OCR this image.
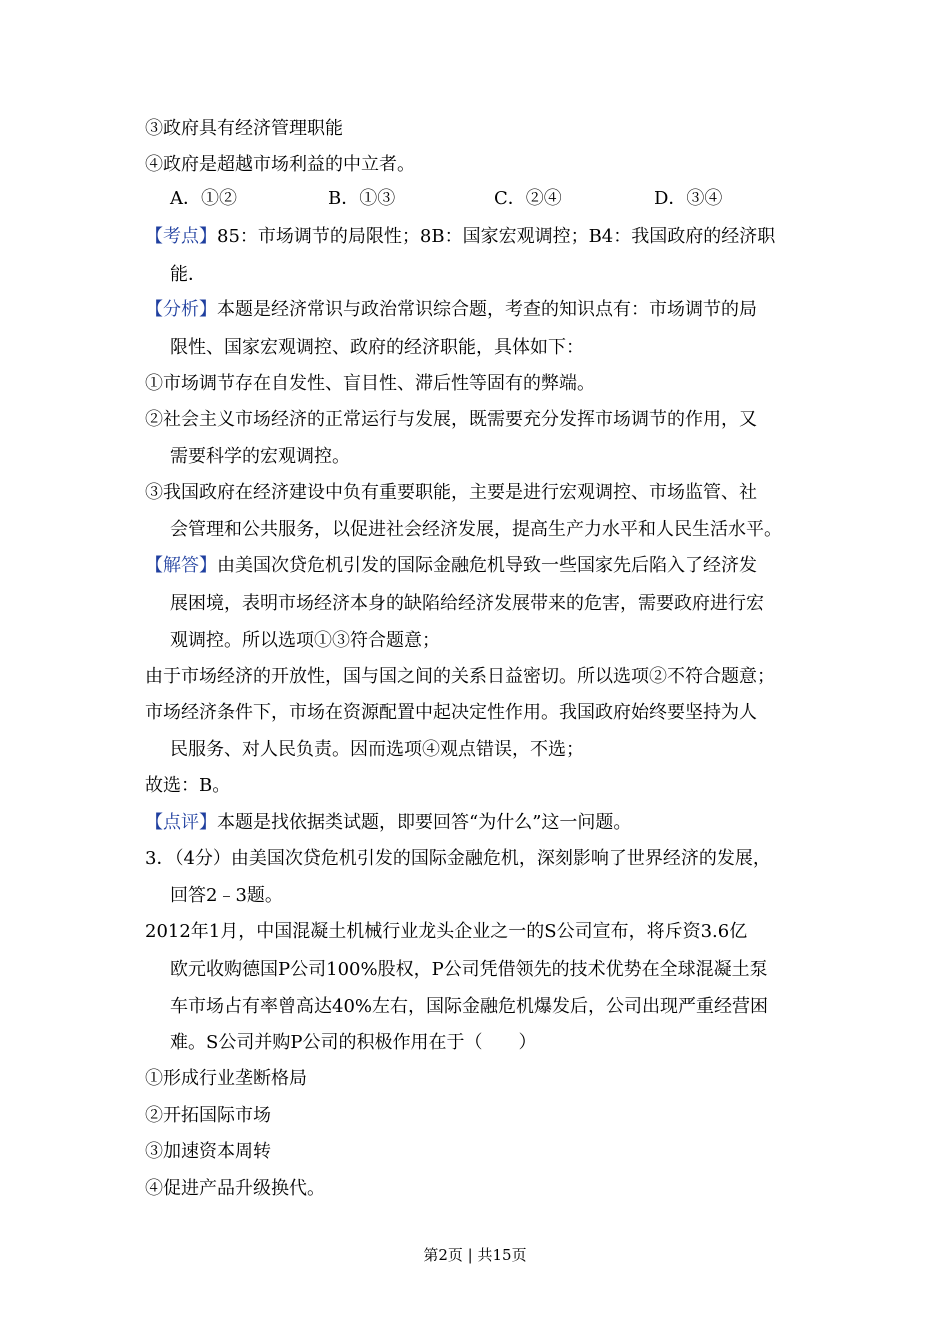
③政府具有经济管理职能
④政府是超越市场利益的中立者。
A．①②	B．①③	C．②④	D．③④
【考点】85：市场调节的局限性；8B：国家宏观调控；B4：我国政府的经济职
能．
【分析】本题是经济常识与政治常识综合题，考查的知识点有：市场调节的局
限性、国家宏观调控、政府的经济职能，具体如下：
①市场调节存在自发性、盲目性、滞后性等固有的弊端。
②社会主义市场经济的正常运行与发展，既需要充分发挥市场调节的作用，又
需要科学的宏观调控。
③我国政府在经济建设中负有重要职能，主要是进行宏观调控、市场监管、社
会管理和公共服务，以促进社会经济发展，提高生产力水平和人民生活水平。
【解答】由美国次贷危机引发的国际金融危机导致一些国家先后陷入了经济发
展困境，表明市场经济本身的缺陷给经济发展带来的危害，需要政府进行宏
观调控。所以选项①③符合题意；
由于市场经济的开放性，国与国之间的关系日益密切。所以选项②不符合题意；
市场经济条件下，市场在资源配置中起决定性作用。我国政府始终要坚持为人
民服务、对人民负责。因而选项④观点错误，不选；
故选：B。
【点评】本题是找依据类试题，即要回答“为什么”这一问题。
3．（4分）由美国次贷危机引发的国际金融危机，深刻影响了世界经济的发展，
回答2﹣3题。
2012年1月，中国混凝土机械行业龙头企业之一的S公司宣布，将斥资3.6亿
欧元收购德国P公司100%股权，P公司凭借领先的技术优势在全球混凝土泵
车市场占有率曾高达40%左右，国际金融危机爆发后，公司出现严重经营困
难。S公司并购P公司的积极作用在于（　　）
①形成行业垄断格局
②开拓国际市场
③加速资本周转
④促进产品升级换代。
第2页 | 共15页
